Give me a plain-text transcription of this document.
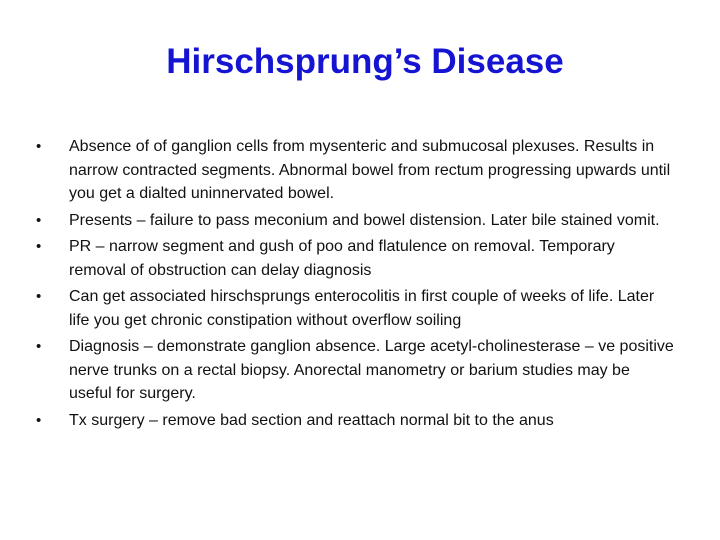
Hirschsprung’s Disease
•	Absence of of ganglion cells from mysenteric and submucosal plexuses. Results in narrow contracted segments. Abnormal bowel from rectum progressing upwards until you get a dialted uninnervated bowel.
•	Presents – failure to pass meconium and bowel distension. Later bile stained vomit.
•	PR – narrow segment and gush of poo and flatulence on removal. Temporary removal of obstruction can delay diagnosis
•	Can get associated hirschsprungs enterocolitis in first couple of weeks of life. Later life you get chronic constipation without overflow soiling
•	Diagnosis – demonstrate ganglion absence. Large acetyl-cholinesterase – ve positive nerve trunks on a rectal biopsy. Anorectal manometry or barium studies may be useful for surgery.
•	Tx surgery – remove bad section and reattach normal bit to the anus
